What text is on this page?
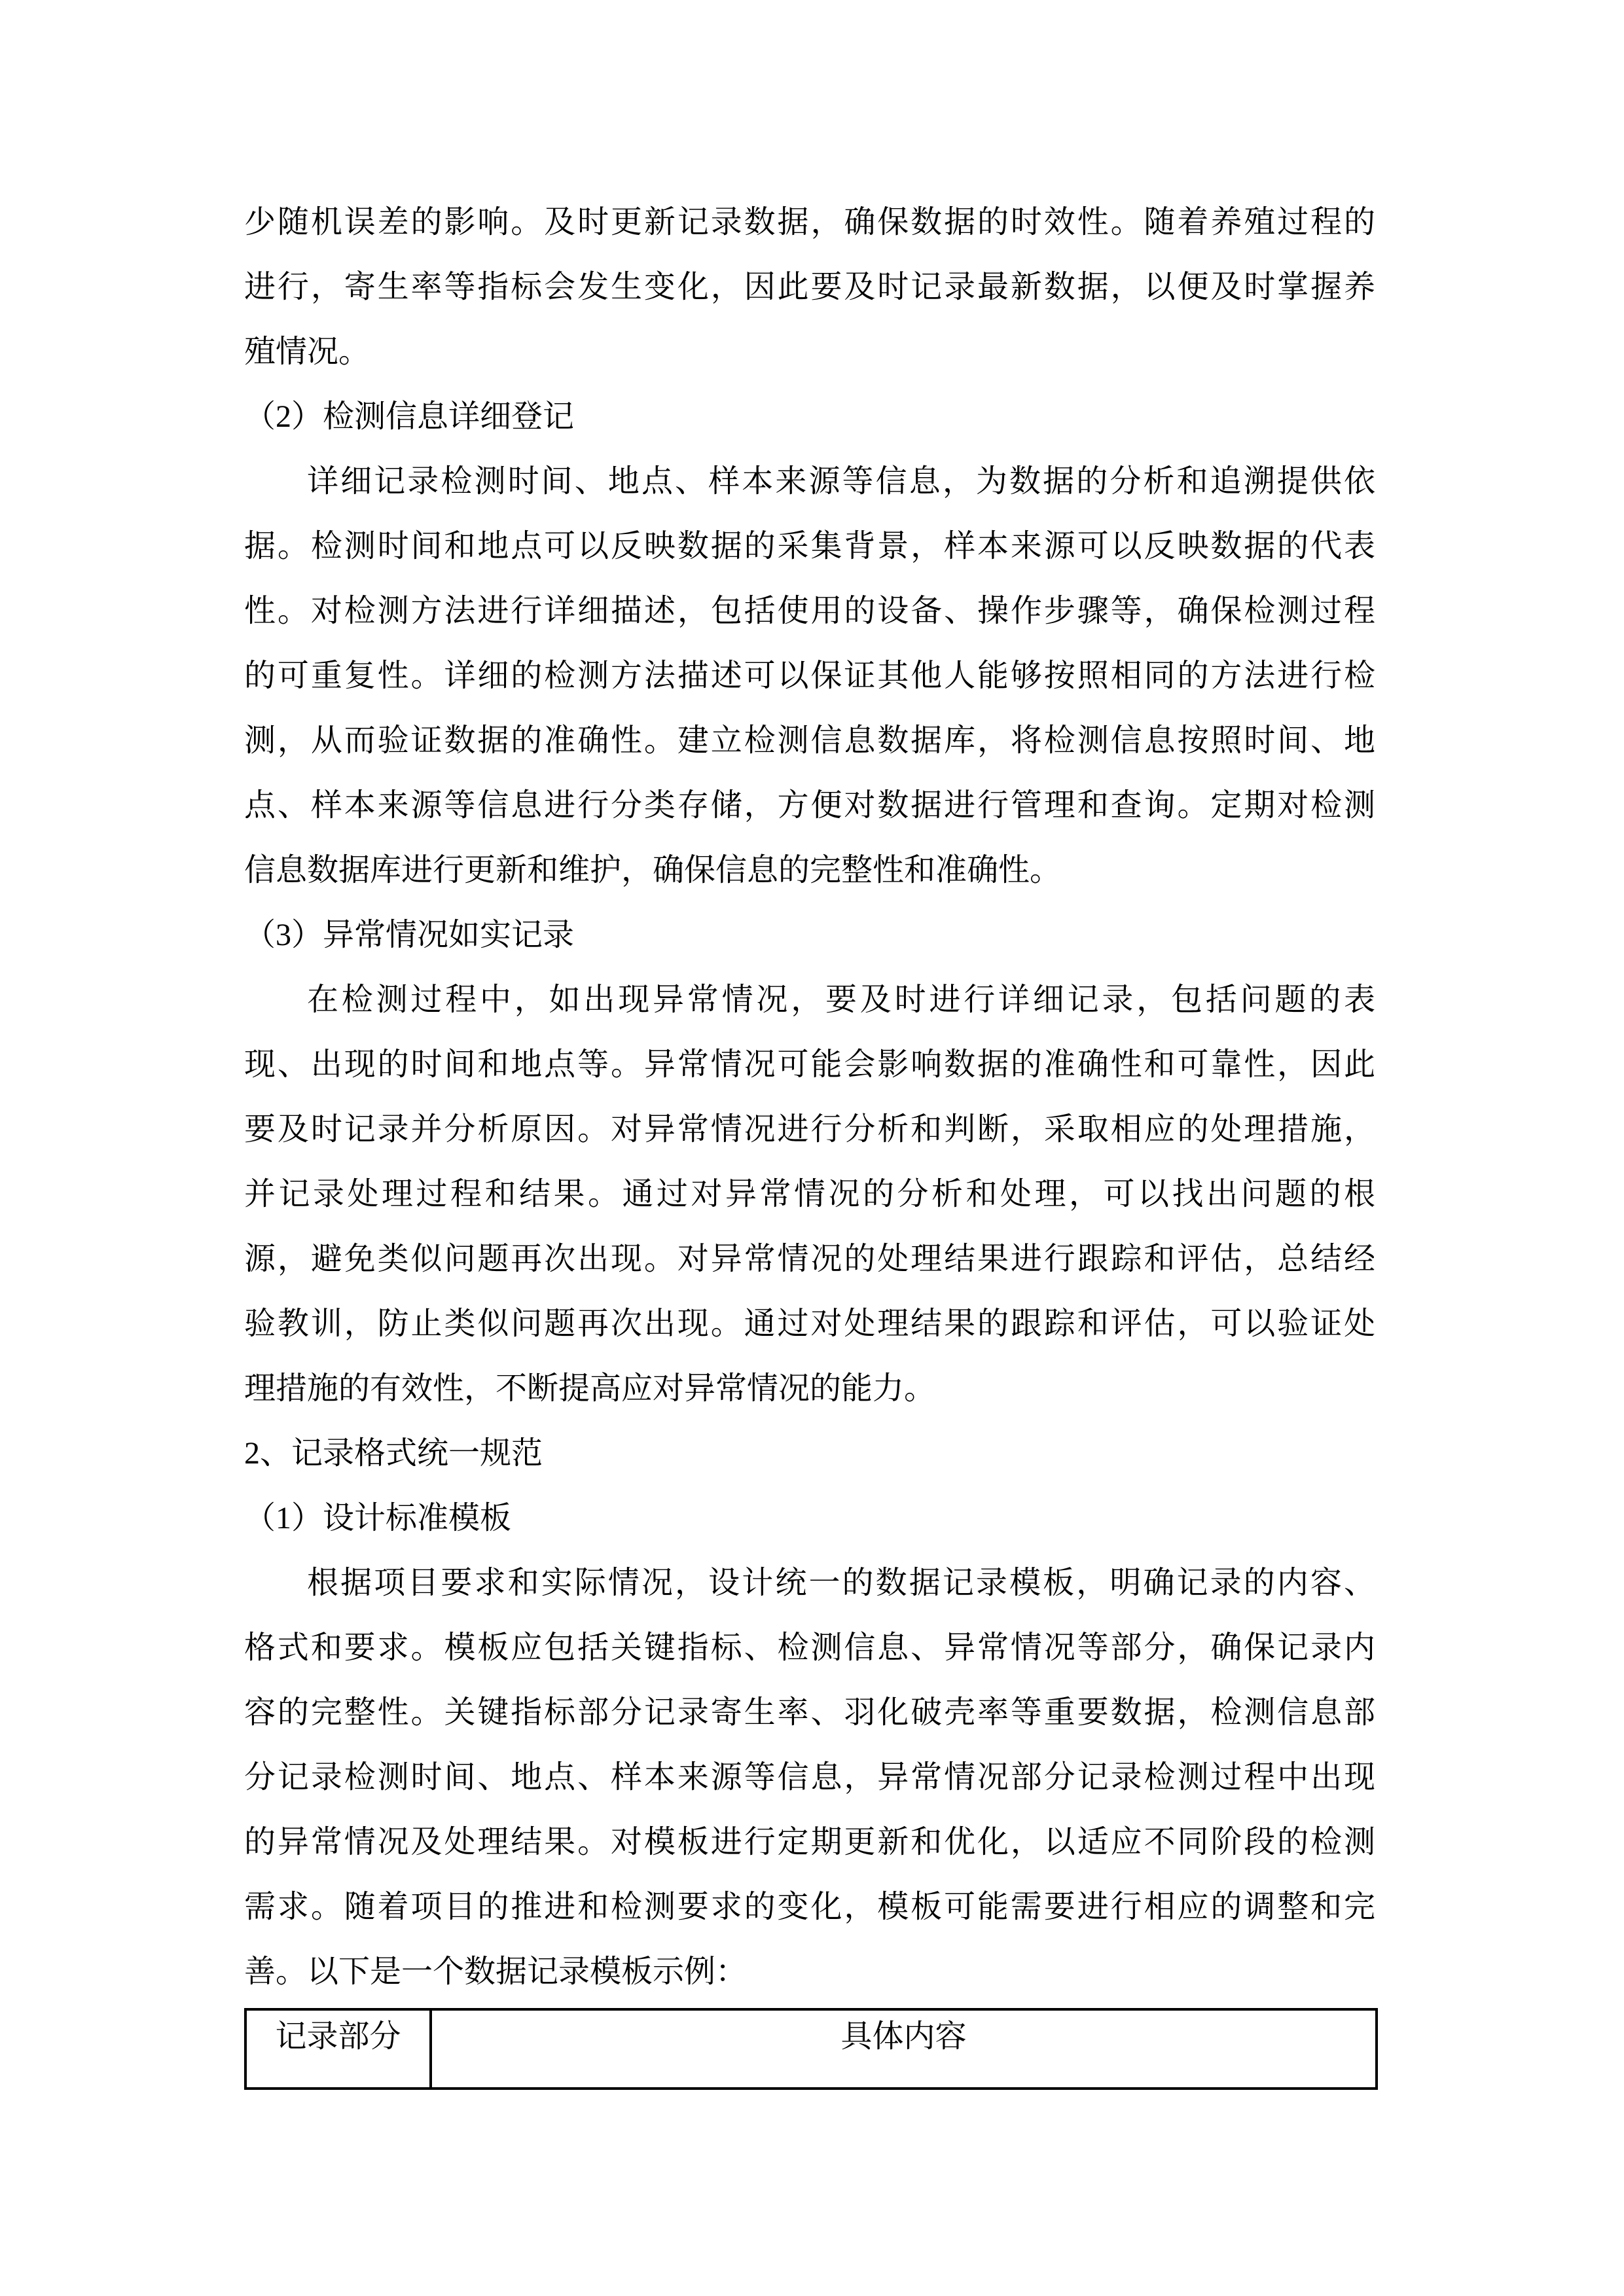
少随机误差的影响。及时更新记录数据，确保数据的时效性。随着养殖过程的
进行，寄生率等指标会发生变化，因此要及时记录最新数据，以便及时掌握养
殖情况。
（2）检测信息详细登记
详细记录检测时间、地点、样本来源等信息，为数据的分析和追溯提供依
据。检测时间和地点可以反映数据的采集背景，样本来源可以反映数据的代表
性。对检测方法进行详细描述，包括使用的设备、操作步骤等，确保检测过程
的可重复性。详细的检测方法描述可以保证其他人能够按照相同的方法进行检
测，从而验证数据的准确性。建立检测信息数据库，将检测信息按照时间、地
点、样本来源等信息进行分类存储，方便对数据进行管理和查询。定期对检测
信息数据库进行更新和维护，确保信息的完整性和准确性。
（3）异常情况如实记录
在检测过程中，如出现异常情况，要及时进行详细记录，包括问题的表
现、出现的时间和地点等。异常情况可能会影响数据的准确性和可靠性，因此
要及时记录并分析原因。对异常情况进行分析和判断，采取相应的处理措施，
并记录处理过程和结果。通过对异常情况的分析和处理，可以找出问题的根
源，避免类似问题再次出现。对异常情况的处理结果进行跟踪和评估，总结经
验教训，防止类似问题再次出现。通过对处理结果的跟踪和评估，可以验证处
理措施的有效性，不断提高应对异常情况的能力。
2、记录格式统一规范
（1）设计标准模板
根据项目要求和实际情况，设计统一的数据记录模板，明确记录的内容、
格式和要求。模板应包括关键指标、检测信息、异常情况等部分，确保记录内
容的完整性。关键指标部分记录寄生率、羽化破壳率等重要数据，检测信息部
分记录检测时间、地点、样本来源等信息，异常情况部分记录检测过程中出现
的异常情况及处理结果。对模板进行定期更新和优化，以适应不同阶段的检测
需求。随着项目的推进和检测要求的变化，模板可能需要进行相应的调整和完
善。以下是一个数据记录模板示例：
记录部分	具体内容
